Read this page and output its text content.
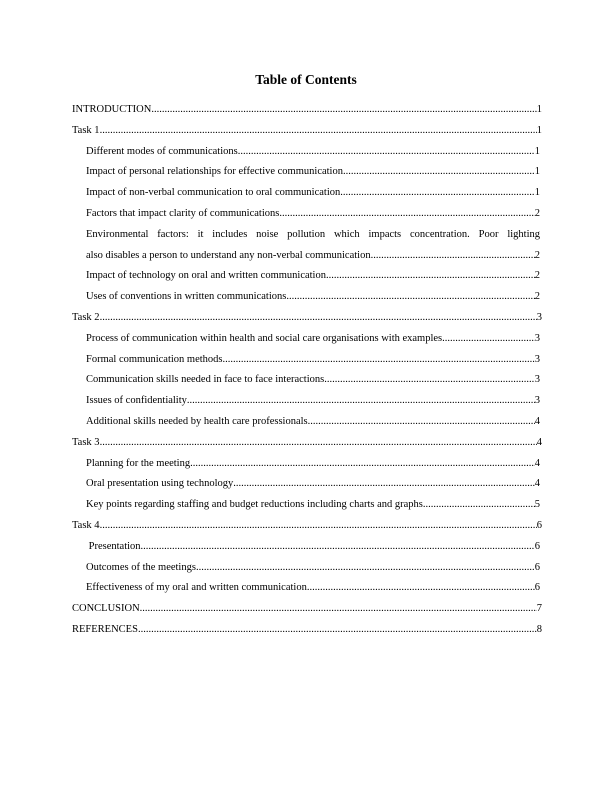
Table of Contents
INTRODUCTION .....	1
Task 1 .....	1
Different modes of communications .....	1
Impact of personal relationships for effective communication .....	1
Impact of non-verbal communication to oral communication .....	1
Factors that impact clarity of communications .....	2
Environmental factors: it includes noise pollution which impacts concentration. Poor lighting
also disables a person to understand any non-verbal communication .....	2
Impact of technology on oral and written communication .....	2
Uses of conventions in written communications .....	2
Task 2 .....	3
Process of communication within health and social care organisations with examples .....	3
Formal communication methods .....	3
Communication skills needed in face to face interactions .....	3
Issues of confidentiality .....	3
Additional skills needed by health care professionals .....	4
Task 3 .....	4
Planning for the meeting .....	4
Oral presentation using technology .....	4
Key points regarding staffing and budget reductions including charts and graphs .....	5
Task 4 .....	6
Presentation .....	6
Outcomes of the meetings .....	6
Effectiveness of my oral and written communication .....	6
CONCLUSION .....	7
REFERENCES .....	8
